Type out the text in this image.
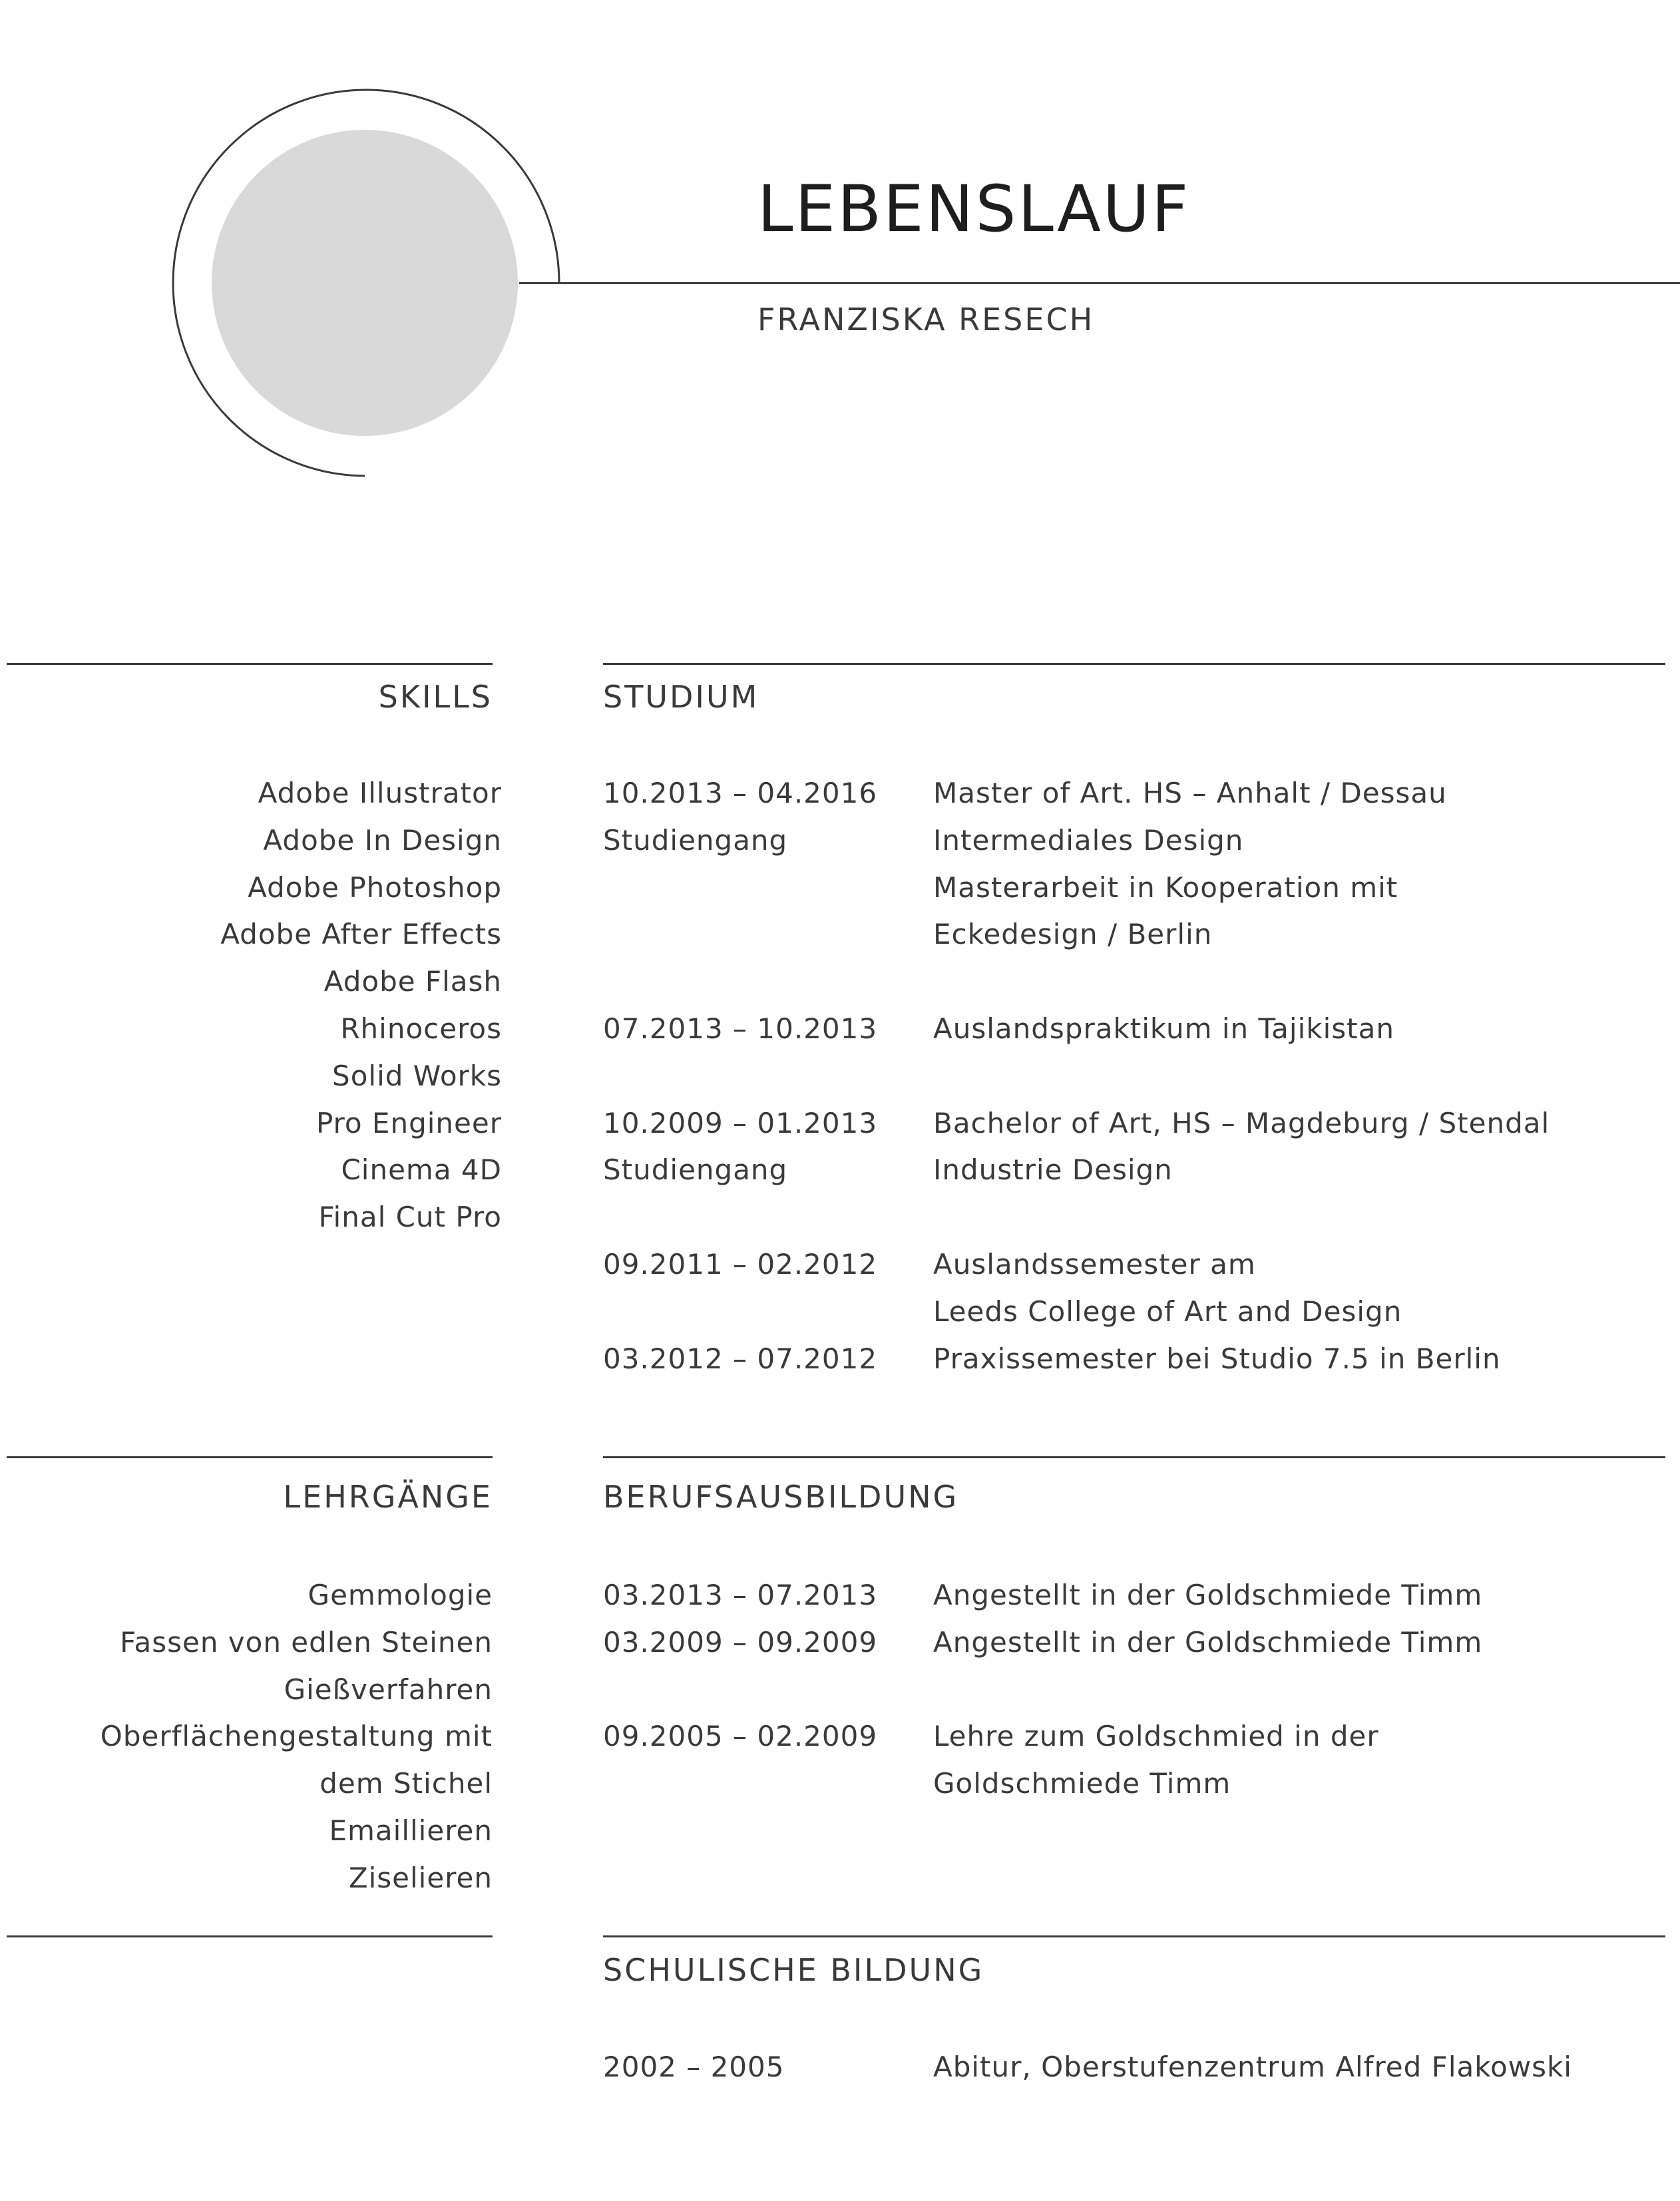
LEBENSLAUF
FRANZISKA RESECH
SKILLS
Adobe Illustrator
Adobe In Design
Adobe Photoshop
Adobe After Effects
Adobe Flash
Rhinoceros
Solid Works
Pro Engineer
Cinema 4D
Final Cut Pro
LEHRGÄNGE
Gemmologie
Fassen von edlen Steinen
Gießverfahren
Oberflächengestaltung mit
dem Stichel
Emaillieren
Ziselieren
STUDIUM
10.2013 – 04.2016 Master of Art. HS – Anhalt / Dessau
Studiengang	Intermediales Design
Masterarbeit in Kooperation mit
Eckedesign / Berlin
07.2013 – 10.2013 Auslandspraktikum in Tajikistan
10.2009 – 01.2013 Bachelor of Art, HS – Magdeburg / Stendal
Studiengang	Industrie Design
09.2011 – 02.2012 Auslandssemester am
Leeds College of Art and Design
03.2012 – 07.2012 Praxissemester bei Studio 7.5 in Berlin
BERUFSAUSBILDUNG
03.2013 – 07.2013 Angestellt in der Goldschmiede Timm
03.2009 – 09.2009 Angestellt in der Goldschmiede Timm
09.2005 – 02.2009 Lehre zum Goldschmied in der
Goldschmiede Timm
SCHULISCHE BILDUNG
2002 – 2005	Abitur, Oberstufenzentrum Alfred Flakowski
